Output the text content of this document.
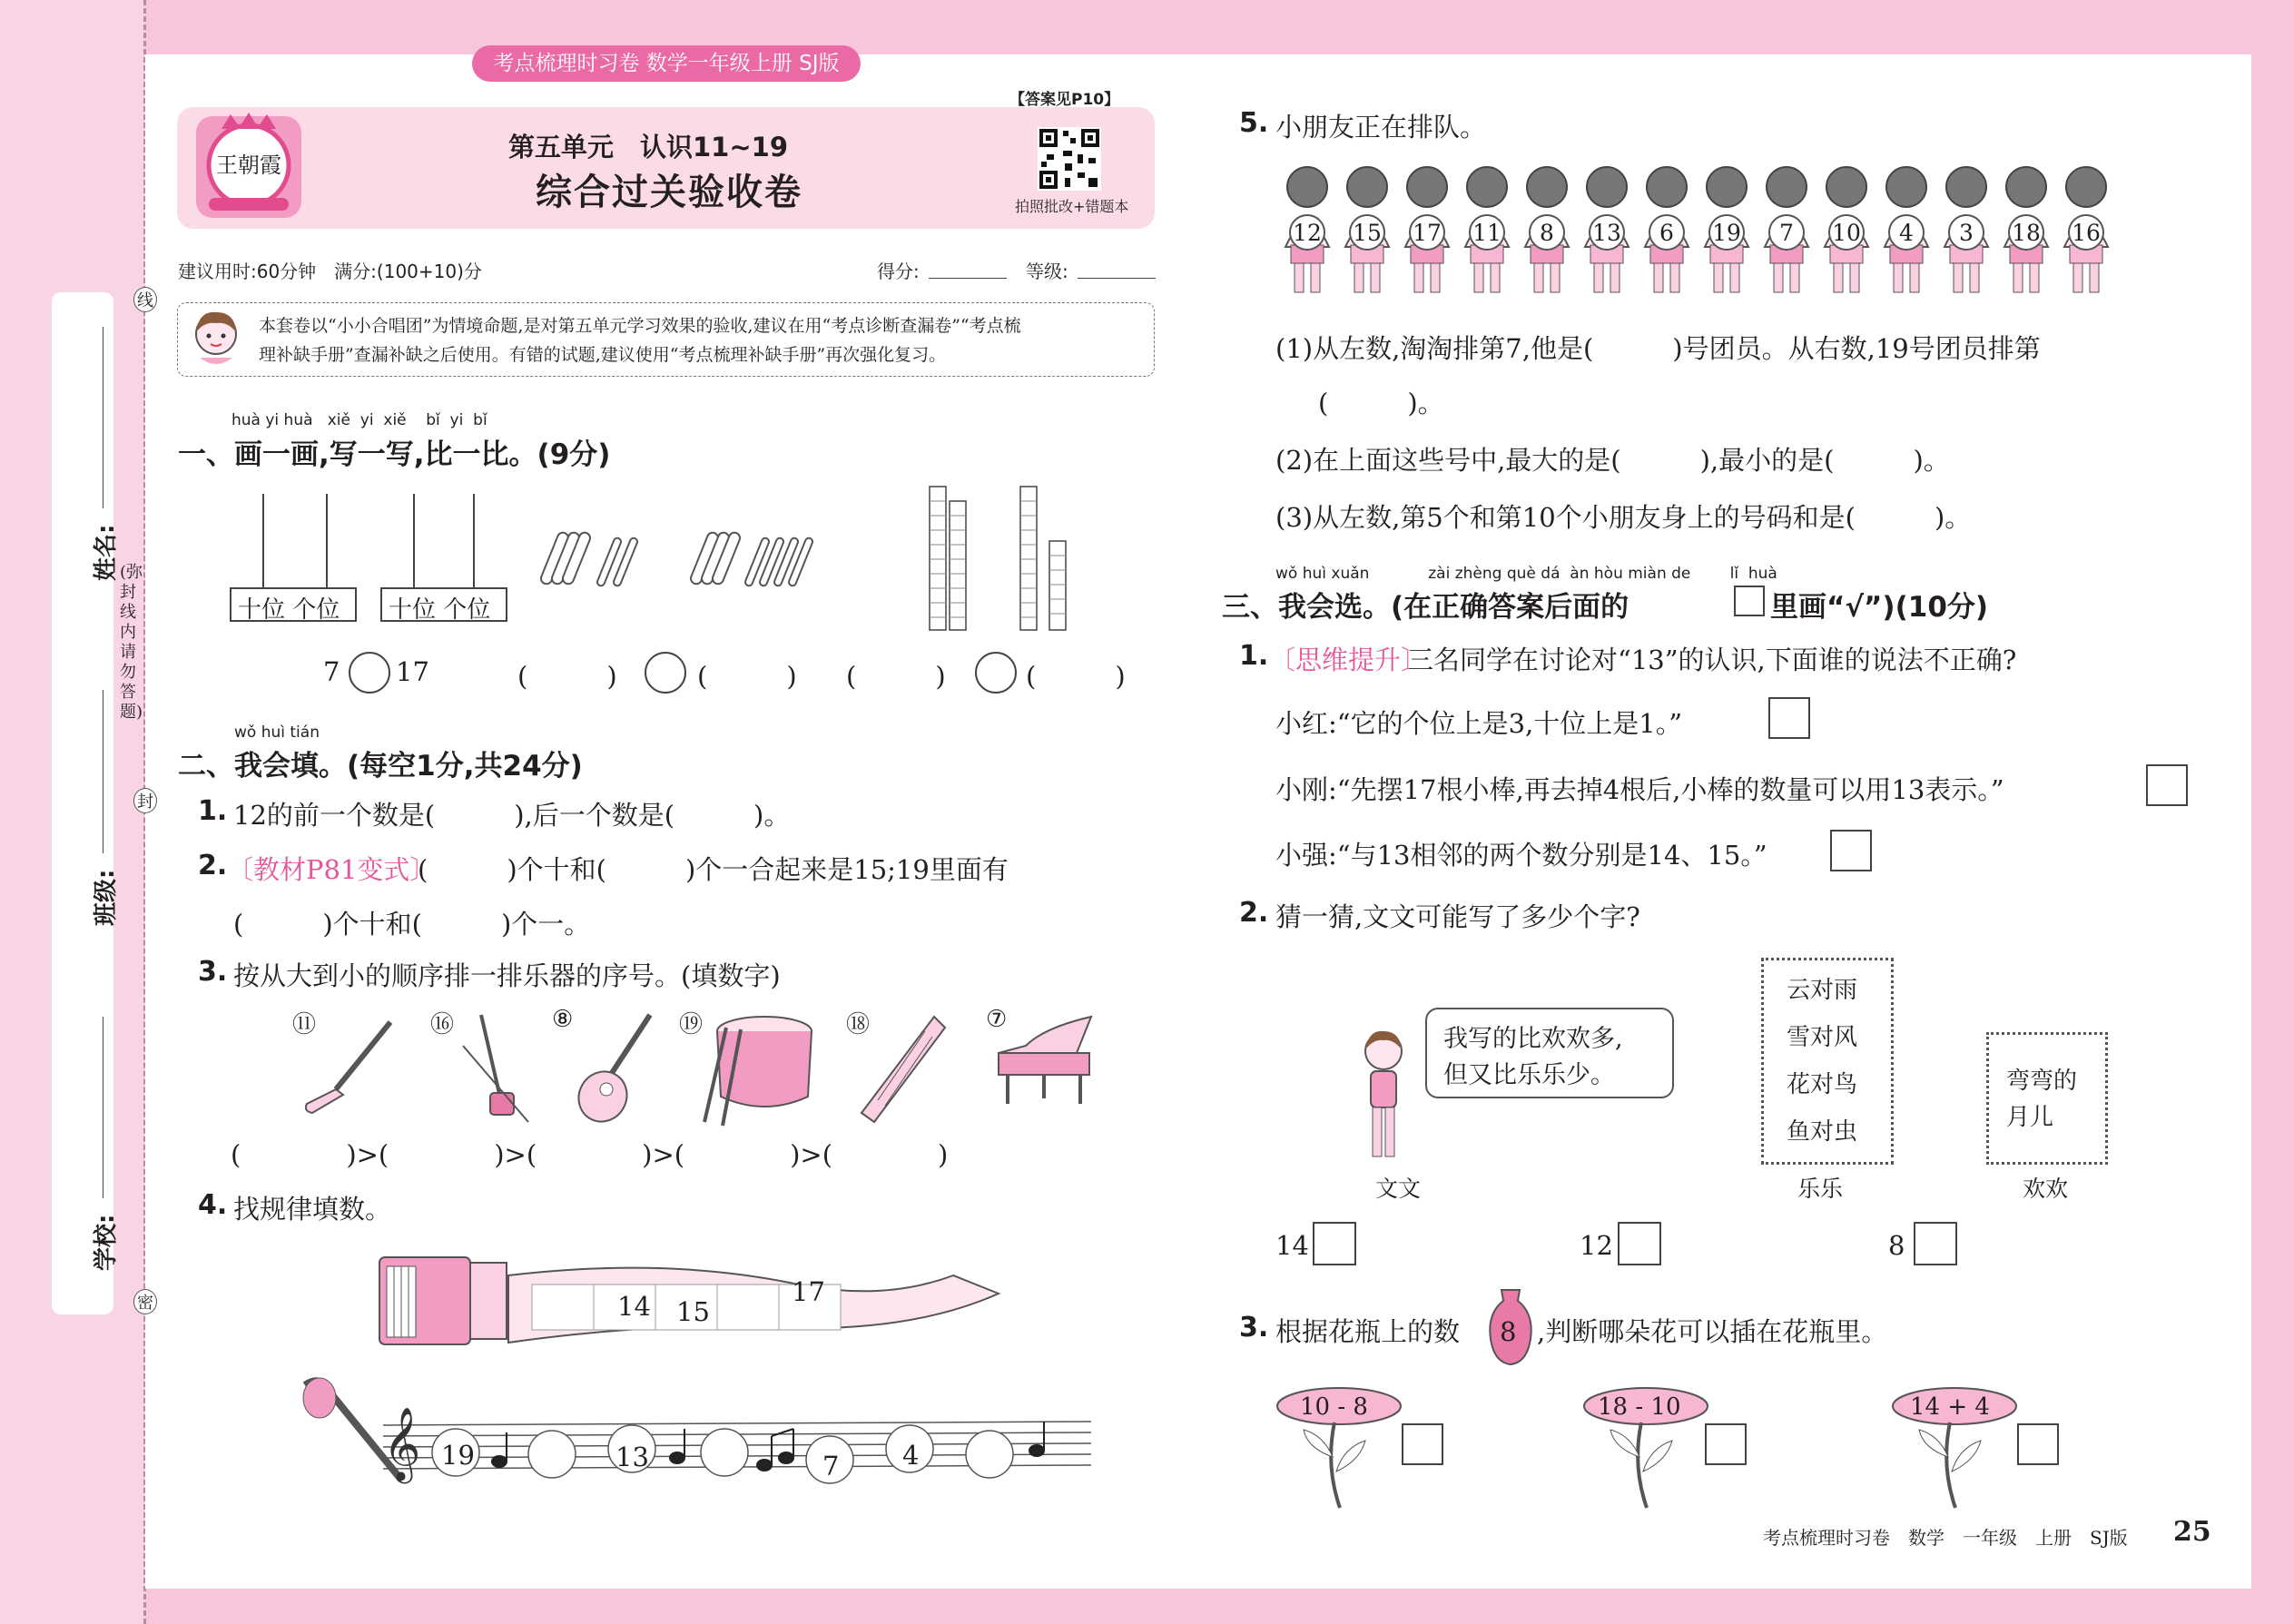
姓名:
班级:
学校:
(弥封线内请勿答题)
线
封
密
考点梳理时习卷 数学一年级上册 SJ版
王朝霞
第五单元　认识11~19
综合过关验收卷
【答案见P10】
拍照批改+错题本
建议用时:60分钟　满分:(100+10)分	得分:	等级:
本套卷以“小小合唱团”为情境命题,是对第五单元学习效果的验收,建议在用“考点诊断查漏卷”“考点梳
理补缺手册”查漏补缺之后使用。有错的试题,建议使用“考点梳理补缺手册”再次强化复习。
huà yi huà   xiě  yi  xiě    bǐ  yi  bǐ
一、画一画,写一写,比一比。(9分)
十位 个位 十位 个位
7 17	(　　　)	(　　　) (　　　)	(　　　)
wǒ huì tián
二、我会填。(每空1分,共24分)
1. 12的前一个数是(　　　),后一个数是(　　　)。
2. 〔教材P81变式〕
(　　　)个十和(　　　)个一合起来是15;19里面有
(　　　)个十和(　　　)个一。
3. 按从大到小的顺序排一排乐器的序号。(填数字)
⑪	⑯	⑧	⑲	⑱	⑦
(　　　　)>(　　　　)>(　　　　)>(　　　　)>(　　　　)
4. 找规律填数。
14 15
17
𝄞 19	13	7 4
5. 小朋友正在排队。
12	15	17	11	8	13	6	19	7	10	4	3	18	16
(1)从左数,淘淘排第7,他是(　　　)号团员。从右数,19号团员排第
(　　　)。
(2)在上面这些号中,最大的是(　　　),最小的是(　　　)。
(3)从左数,第5个和第10个小朋友身上的号码和是(　　　)。
wǒ huì xuǎn            zài zhèng què dá  àn hòu miàn de        lǐ  huà
三、我会选。(在正确答案后面的	里画“√”)(10分)
1. 〔思维提升〕
三名同学在讨论对“13”的认识,下面谁的说法不正确?
小红:“它的个位上是3,十位上是1。”
小刚:“先摆17根小棒,再去掉4根后,小棒的数量可以用13表示。”
小强:“与13相邻的两个数分别是14、15。”
2. 猜一猜,文文可能写了多少个字?
我写的比欢欢多,
但又比乐乐少。
云对雨
雪对风
花对鸟
鱼对虫
弯弯的
月儿
文文	乐乐	欢欢
14	12	8
3. 根据花瓶上的数 8 ,判断哪朵花可以插在花瓶里。
10 - 8	18 - 10	14 + 4
考点梳理时习卷　数学　一年级　上册　SJ版 25
